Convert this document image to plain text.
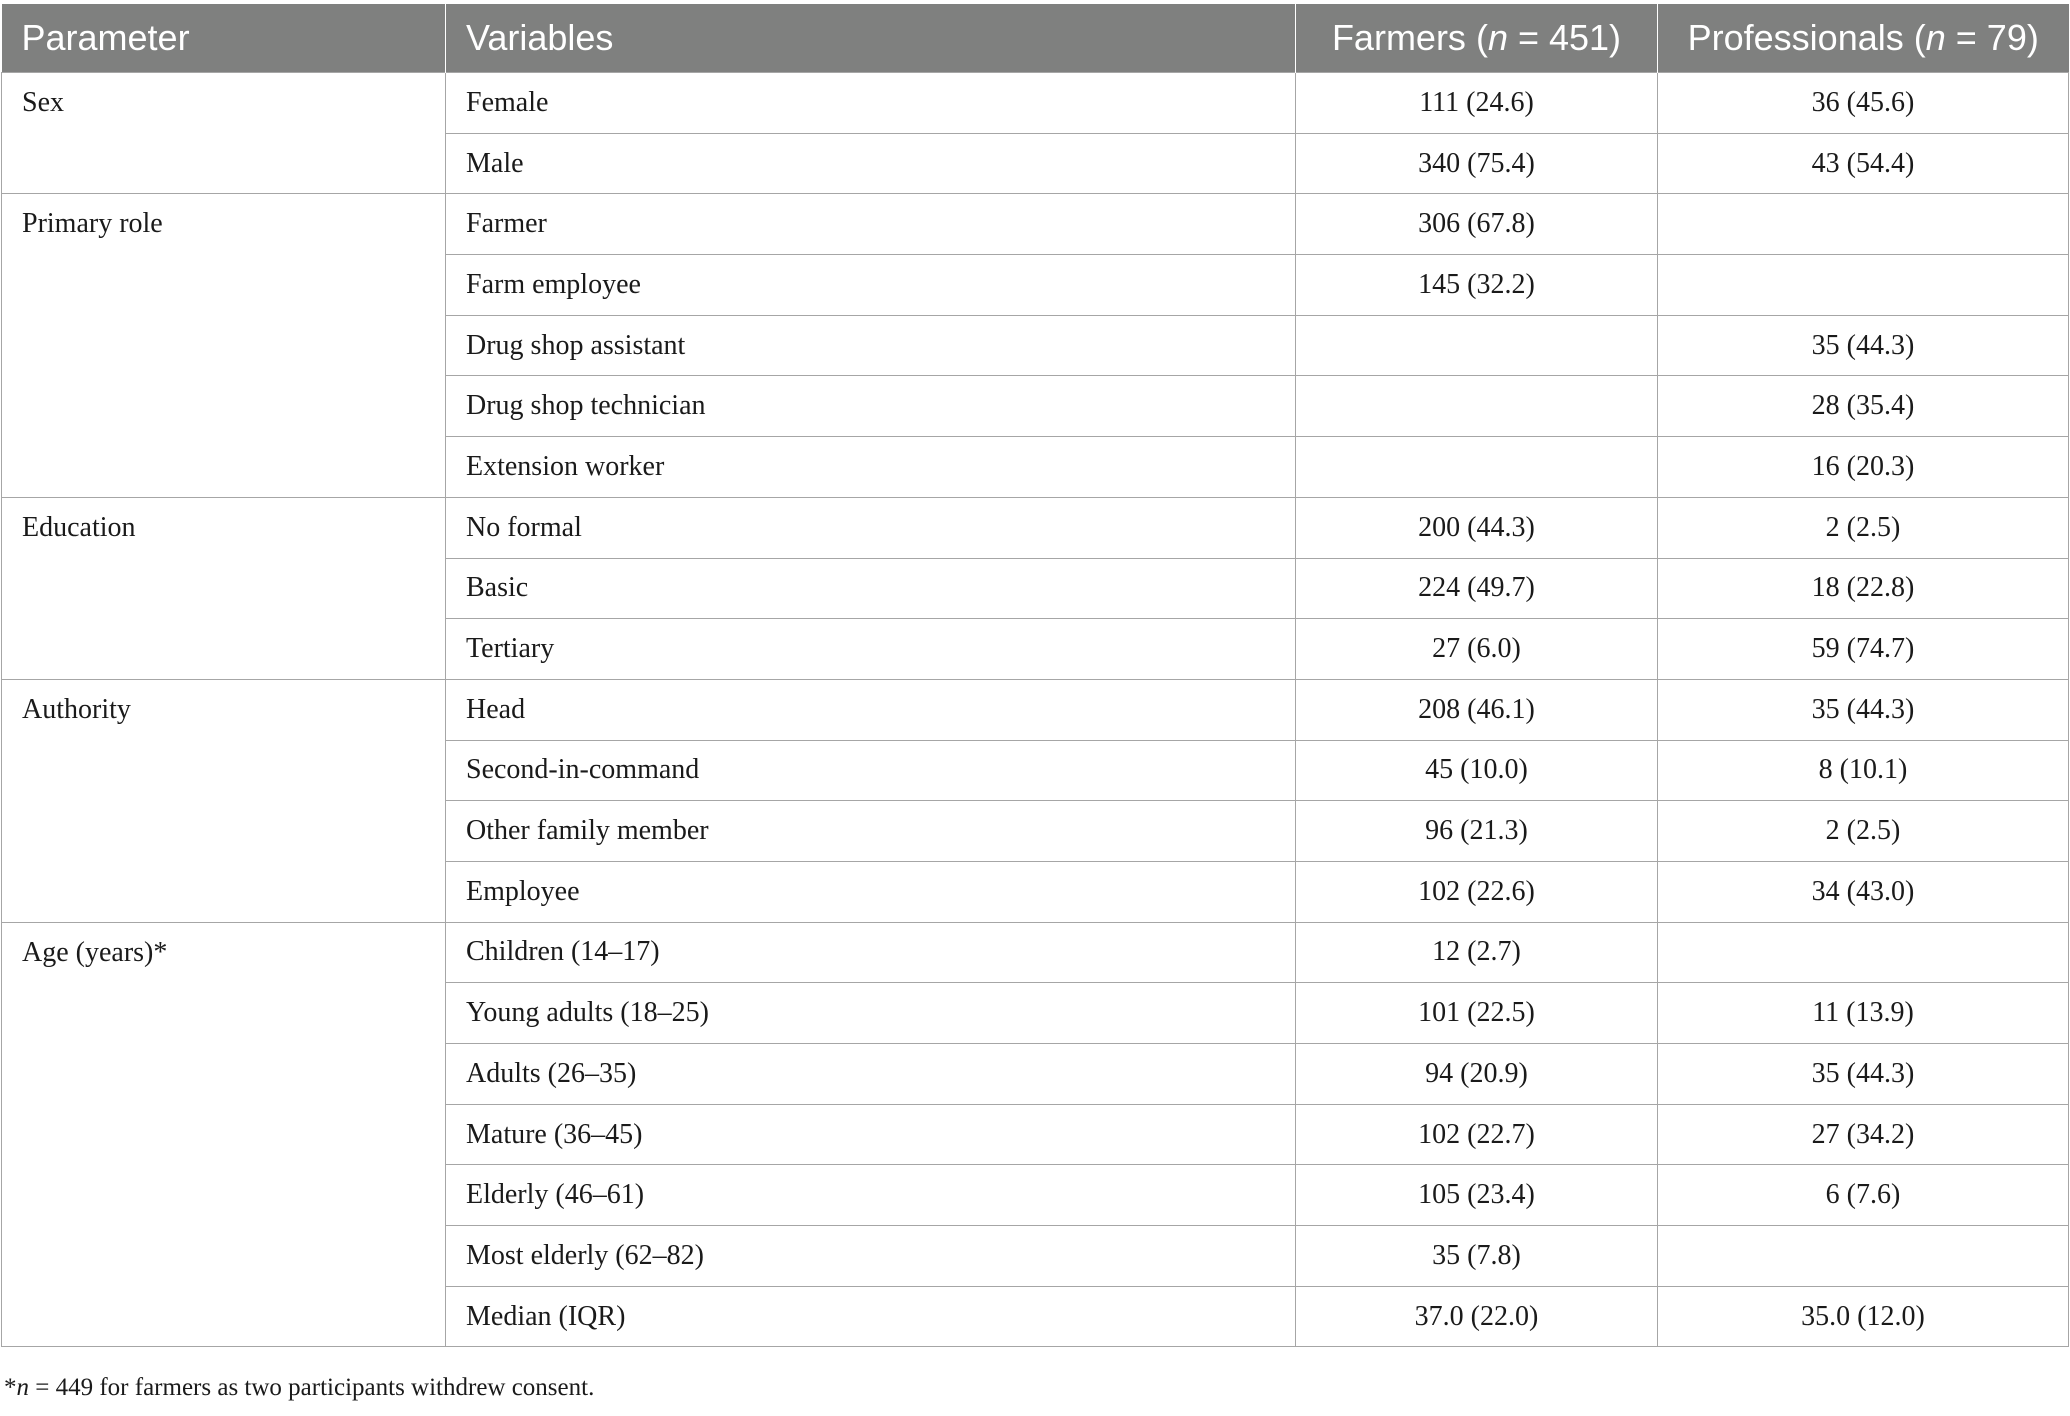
Parameter	Variables	Farmers (n = 451)	Professionals (n = 79)
Sex	Female	111 (24.6)	36 (45.6)
	Male	340 (75.4)	43 (54.4)
Primary role	Farmer	306 (67.8)	
	Farm employee	145 (32.2)	
	Drug shop assistant		35 (44.3)
	Drug shop technician		28 (35.4)
	Extension worker		16 (20.3)
Education	No formal	200 (44.3)	2 (2.5)
	Basic	224 (49.7)	18 (22.8)
	Tertiary	27 (6.0)	59 (74.7)
Authority	Head	208 (46.1)	35 (44.3)
	Second-in-command	45 (10.0)	8 (10.1)
	Other family member	96 (21.3)	2 (2.5)
	Employee	102 (22.6)	34 (43.0)
Age (years)*	Children (14–17)	12 (2.7)	
	Young adults (18–25)	101 (22.5)	11 (13.9)
	Adults (26–35)	94 (20.9)	35 (44.3)
	Mature (36–45)	102 (22.7)	27 (34.2)
	Elderly (46–61)	105 (23.4)	6 (7.6)
	Most elderly (62–82)	35 (7.8)	
	Median (IQR)	37.0 (22.0)	35.0 (12.0)
*n = 449 for farmers as two participants withdrew consent.
